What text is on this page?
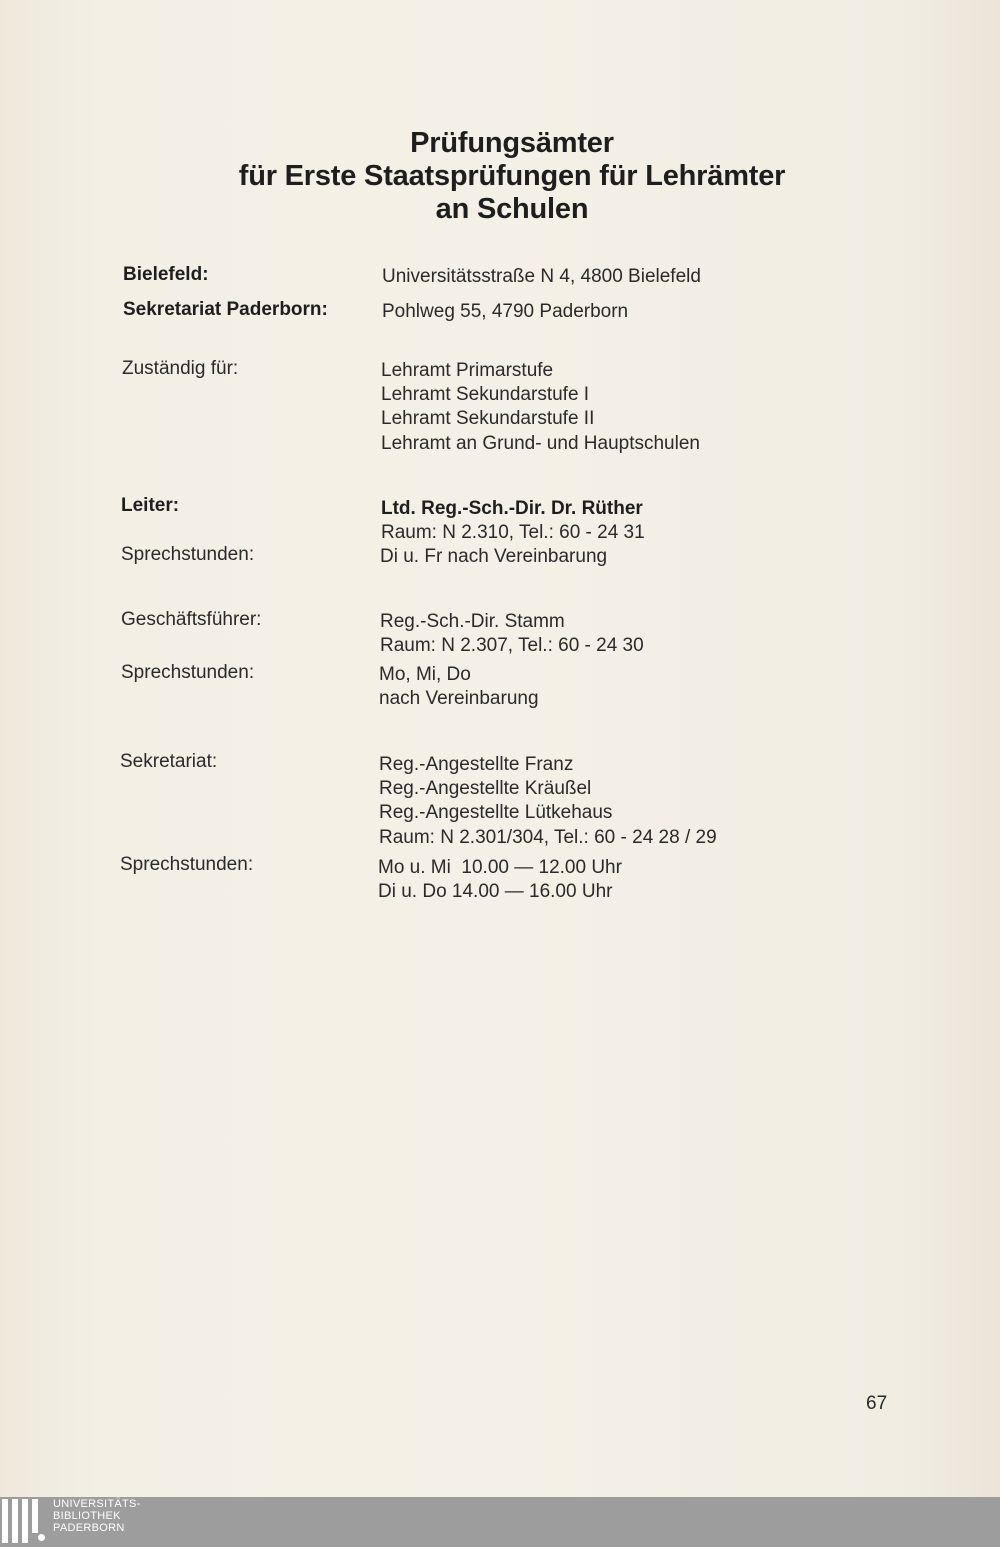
Prüfungsämter
für Erste Staatsprüfungen für Lehrämter
an Schulen
Bielefeld:	Universitätsstraße N 4, 4800 Bielefeld
Sekretariat Paderborn:	Pohlweg 55, 4790 Paderborn
Zuständig für:	Lehramt Primarstufe
Lehramt Sekundarstufe I
Lehramt Sekundarstufe II
Lehramt an Grund- und Hauptschulen
Leiter:	Ltd. Reg.-Sch.-Dir. Dr. Rüther
Raum: N 2.310, Tel.: 60 - 24 31
Sprechstunden:	Di u. Fr nach Vereinbarung
Geschäftsführer:	Reg.-Sch.-Dir. Stamm
Raum: N 2.307, Tel.: 60 - 24 30
Sprechstunden:	Mo, Mi, Do
nach Vereinbarung
Sekretariat:	Reg.-Angestellte Franz
Reg.-Angestellte Kräußel
Reg.-Angestellte Lütkehaus
Raum: N 2.301/304, Tel.: 60 - 24 28 / 29
Sprechstunden:	Mo u. Mi  10.00 — 12.00 Uhr
Di u. Do 14.00 — 16.00 Uhr
67
UNIVERSITÄTS-
BIBLIOTHEK
PADERBORN
